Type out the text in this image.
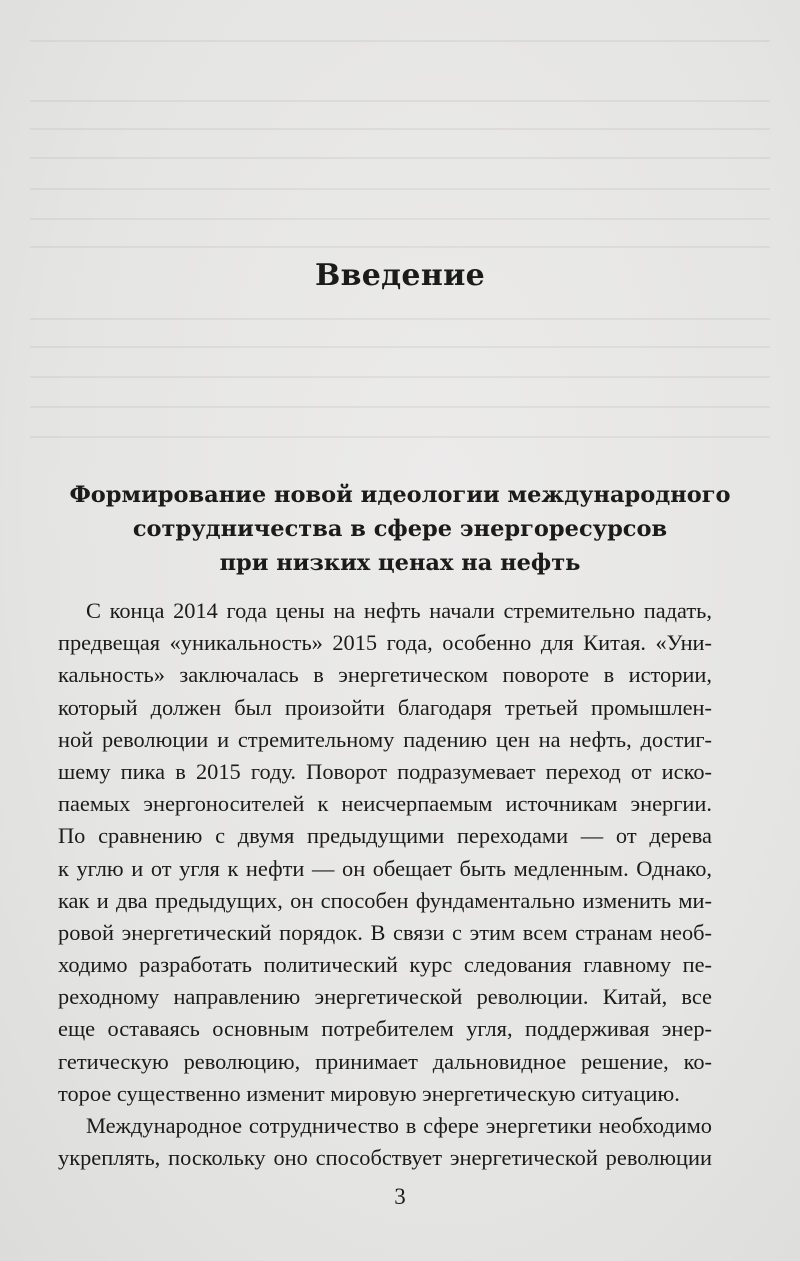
Введение
Формирование новой идеологии международного
сотрудничества в сфере энергоресурсов
при низких ценах на нефть
С конца 2014 года цены на нефть начали стремительно падать,
предвещая «уникальность» 2015 года, особенно для Китая. «Уни-
кальность» заключалась в энергетическом повороте в истории,
который должен был произойти благодаря третьей промышлен-
ной революции и стремительному падению цен на нефть, достиг-
шему пика в 2015 году. Поворот подразумевает переход от иско-
паемых энергоносителей к неисчерпаемым источникам энергии.
По сравнению с двумя предыдущими переходами — от дерева
к углю и от угля к нефти — он обещает быть медленным. Однако,
как и два предыдущих, он способен фундаментально изменить ми-
ровой энергетический порядок. В связи с этим всем странам необ-
ходимо разработать политический курс следования главному пе-
реходному направлению энергетической революции. Китай, все
еще оставаясь основным потребителем угля, поддерживая энер-
гетическую революцию, принимает дальновидное решение, ко-
торое существенно изменит мировую энергетическую ситуацию.
Международное сотрудничество в сфере энергетики необходимо
укреплять, поскольку оно способствует энергетической революции
3
